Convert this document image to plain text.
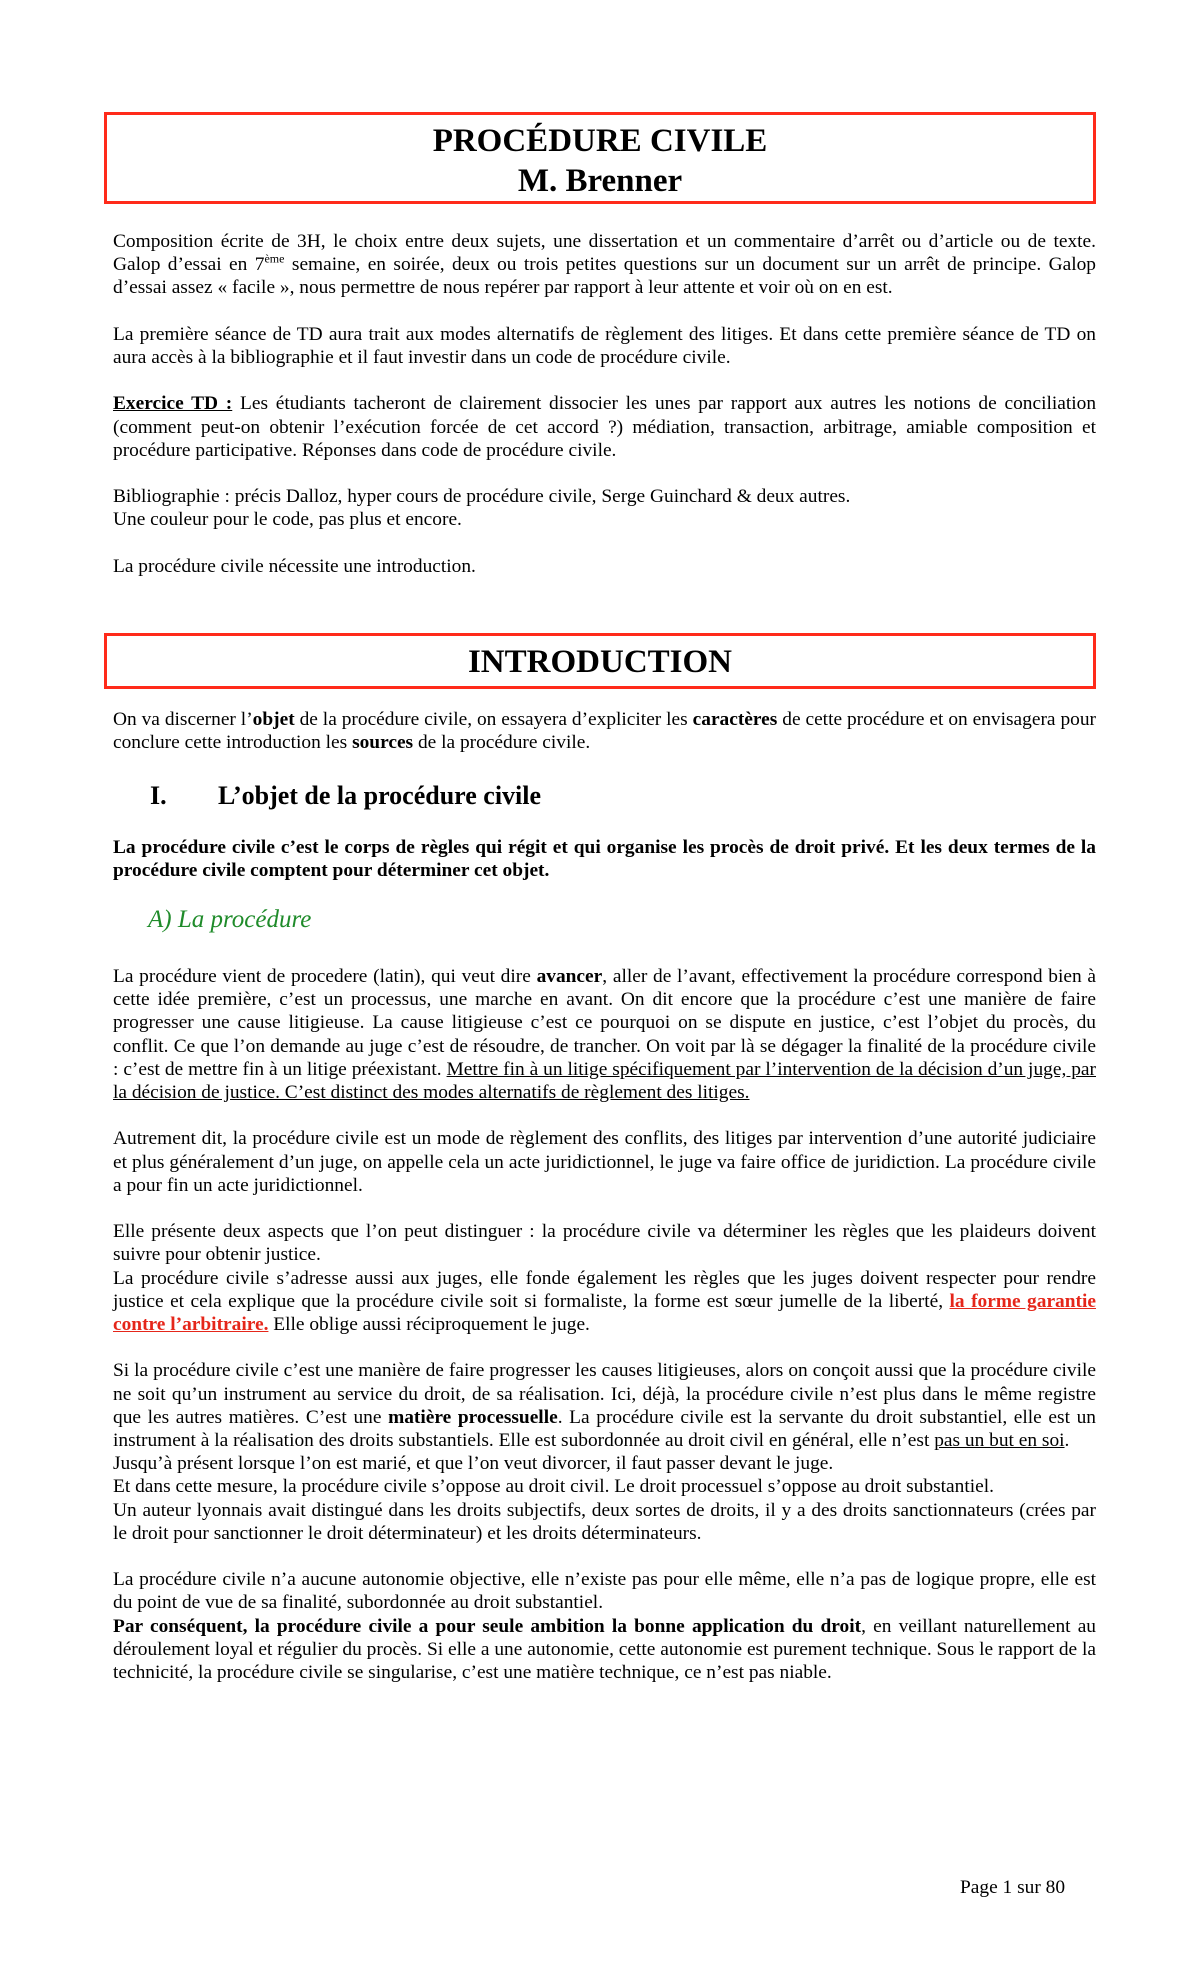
PROCÉDURE CIVILE
M. Brenner

Composition écrite de 3H, le choix entre deux sujets, une dissertation et un commentaire d’arrêt ou d’article ou de texte. Galop d’essai en 7ème semaine, en soirée, deux ou trois petites questions sur un document sur un arrêt de principe. Galop d’essai assez « facile », nous permettre de nous repérer par rapport à leur attente et voir où on en est.

La première séance de TD aura trait aux modes alternatifs de règlement des litiges. Et dans cette première séance de TD on aura accès à la bibliographie et il faut investir dans un code de procédure civile.

Exercice TD : Les étudiants tacheront de clairement dissocier les unes par rapport aux autres les notions de conciliation (comment peut-on obtenir l’exécution forcée de cet accord ?) médiation, transaction, arbitrage, amiable composition et procédure participative. Réponses dans code de procédure civile.

Bibliographie : précis Dalloz, hyper cours de procédure civile, Serge Guinchard & deux autres.

Une couleur pour le code, pas plus et encore.

La procédure civile nécessite une introduction.

INTRODUCTION

On va discerner l’objet de la procédure civile, on essayera d’expliciter les caractères de cette procédure et on envisagera pour conclure cette introduction les sources de la procédure civile.

I. L’objet de la procédure civile

La procédure civile c’est le corps de règles qui régit et qui organise les procès de droit privé. Et les deux termes de la procédure civile comptent pour déterminer cet objet.

A) La procédure

La procédure vient de procedere (latin), qui veut dire avancer, aller de l’avant, effectivement la procédure correspond bien à cette idée première, c’est un processus, une marche en avant. On dit encore que la procédure c’est une manière de faire progresser une cause litigieuse. La cause litigieuse c’est ce pourquoi on se dispute en justice, c’est l’objet du procès, du conflit. Ce que l’on demande au juge c’est de résoudre, de trancher. On voit par là se dégager la finalité de la procédure civile : c’est de mettre fin à un litige préexistant. Mettre fin à un litige spécifiquement par l’intervention de la décision d’un juge, par la décision de justice. C’est distinct des modes alternatifs de règlement des litiges.

Autrement dit, la procédure civile est un mode de règlement des conflits, des litiges par intervention d’une autorité judiciaire et plus généralement d’un juge, on appelle cela un acte juridictionnel, le juge va faire office de juridiction. La procédure civile a pour fin un acte juridictionnel.

Elle présente deux aspects que l’on peut distinguer : la procédure civile va déterminer les règles que les plaideurs doivent suivre pour obtenir justice.

La procédure civile s’adresse aussi aux juges, elle fonde également les règles que les juges doivent respecter pour rendre justice et cela explique que la procédure civile soit si formaliste, la forme est sœur jumelle de la liberté, la forme garantie contre l’arbitraire. Elle oblige aussi réciproquement le juge.

Si la procédure civile c’est une manière de faire progresser les causes litigieuses, alors on conçoit aussi que la procédure civile ne soit qu’un instrument au service du droit, de sa réalisation. Ici, déjà, la procédure civile n’est plus dans le même registre que les autres matières. C’est une matière processuelle. La procédure civile est la servante du droit substantiel, elle est un instrument à la réalisation des droits substantiels. Elle est subordonnée au droit civil en général, elle n’est pas un but en soi.

Jusqu’à présent lorsque l’on est marié, et que l’on veut divorcer, il faut passer devant le juge.

Et dans cette mesure, la procédure civile s’oppose au droit civil. Le droit processuel s’oppose au droit substantiel.

Un auteur lyonnais avait distingué dans les droits subjectifs, deux sortes de droits, il y a des droits sanctionnateurs (crées par le droit pour sanctionner le droit déterminateur) et les droits déterminateurs.

La procédure civile n’a aucune autonomie objective, elle n’existe pas pour elle même, elle n’a pas de logique propre, elle est du point de vue de sa finalité, subordonnée au droit substantiel.

Par conséquent, la procédure civile a pour seule ambition la bonne application du droit, en veillant naturellement au déroulement loyal et régulier du procès. Si elle a une autonomie, cette autonomie est purement technique. Sous le rapport de la technicité, la procédure civile se singularise, c’est une matière technique, ce n’est pas niable.

Page 1 sur 80
